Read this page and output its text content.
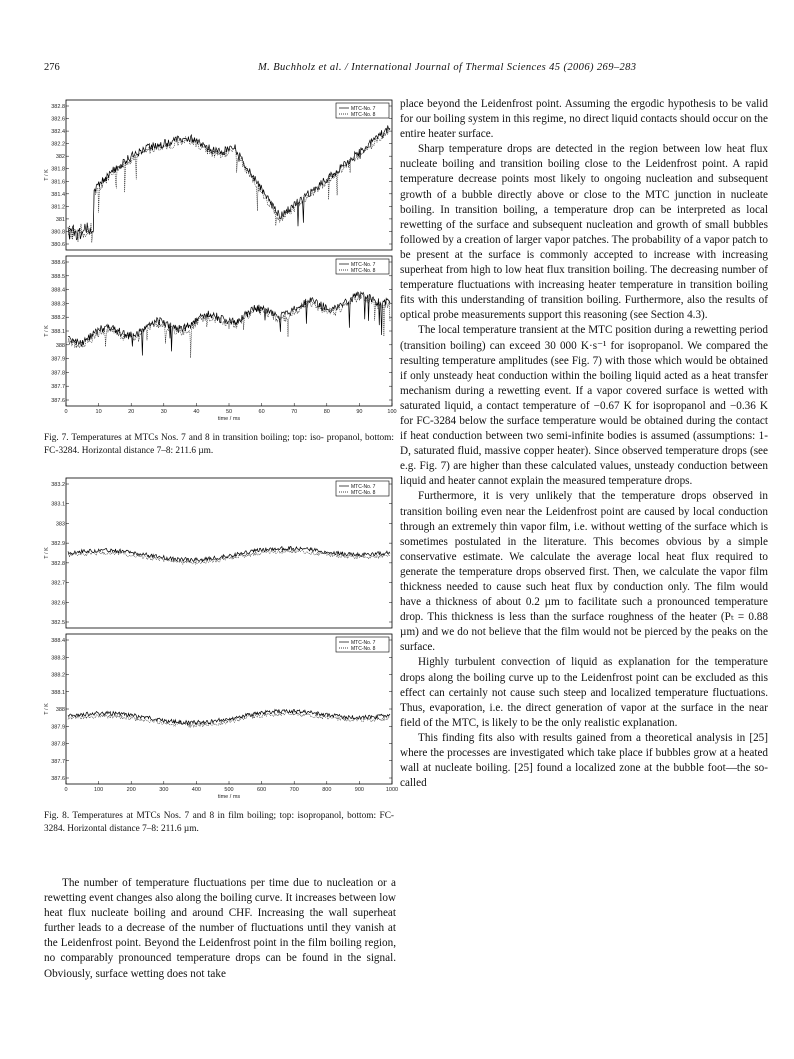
276	M. Buchholz et al. / International Journal of Thermal Sciences 45 (2006) 269–283
382.8
382.6
382.4
382.2
382
381.8
381.6
381.4
381.2
381
380.8
380.6
T / K
MTC-No. 7
MTC-No. 8
388.6
388.5
388.4
388.3
388.2
388.1
388
387.9
387.8
387.7
387.6
T / K
MTC-No. 7
MTC-No. 8
0	10	20	30	40	50	60	70	80	90	100
time / ms
Fig. 7. Temperatures at MTCs Nos. 7 and 8 in transition boiling; top: iso- propanol, bottom: FC-3284. Horizontal distance 7–8: 211.6 µm.
383.2
383.1
383
382.9
382.8
382.7
382.6
382.5
T / K
MTC-No. 7
MTC-No. 8
388.4
388.3
388.2
388.1
388
387.9
387.8
387.7
387.6
T / K
MTC-No. 7
MTC-No. 8
0	100	200	300	400	500	600	700	800	900	1000
time / ms
Fig. 8. Temperatures at MTCs Nos. 7 and 8 in film boiling; top: isopropanol, bottom: FC-3284. Horizontal distance 7–8: 211.6 µm.

The number of temperature fluctuations per time due to nucleation or a rewetting event changes also along the boiling curve. It increases between low heat flux nucleate boiling and around CHF. Increasing the wall superheat further leads to a decrease of the number of fluctuations until they vanish at the Leidenfrost point. Beyond the Leidenfrost point in the film boiling region, no comparably pronounced temperature drops can be found in the signal. Obviously, surface wetting does not take

place beyond the Leidenfrost point. Assuming the ergodic hypothesis to be valid for our boiling system in this regime, no direct liquid contacts should occur on the entire heater surface.

Sharp temperature drops are detected in the region between low heat flux nucleate boiling and transition boiling close to the Leidenfrost point. A rapid temperature decrease points most likely to ongoing nucleation and subsequent growth of a bubble directly above or close to the MTC junction in nucleate boiling. In transition boiling, a temperature drop can be interpreted as local rewetting of the surface and subsequent nucleation and growth of small bubbles followed by a creation of larger vapor patches. The probability of a vapor patch to be present at the surface is commonly accepted to increase with increasing superheat from high to low heat flux transition boiling. The decreasing number of temperature fluctuations with increasing heater temperature in transition boiling fits with this understanding of transition boiling. Furthermore, also the results of optical probe measurements support this reasoning (see Section 4.3).

The local temperature transient at the MTC position during a rewetting period (transition boiling) can exceed 30 000 K·s⁻¹ for isopropanol. We compared the resulting temperature amplitudes (see Fig. 7) with those which would be obtained if only unsteady heat conduction within the boiling liquid acted as a heat transfer mechanism during a rewetting event. If a vapor covered surface is wetted with saturated liquid, a contact temperature of −0.67 K for isopropanol and −0.36 K for FC-3284 below the surface temperature would be obtained during the contact if heat conduction between two semi-infinite bodies is assumed (assumptions: 1-D, saturated fluid, massive copper heater). Since observed temperature drops (see e.g. Fig. 7) are higher than these calculated values, unsteady conduction between liquid and heater cannot explain the measured temperature drops.

Furthermore, it is very unlikely that the temperature drops observed in transition boiling even near the Leidenfrost point are caused by local conduction through an extremely thin vapor film, i.e. without wetting of the surface which is sometimes postulated in the literature. This becomes obvious by a simple conservative estimate. We calculate the average local heat flux required to generate the temperature drops observed first. Then, we calculate the vapor film thickness needed to cause such heat flux by conduction only. The film would have a thickness of about 0.2 µm to facilitate such a pronounced temperature drop. This thickness is less than the surface roughness of the heater (Pₜ = 0.88 µm) and we do not believe that the film would not be pierced by the peaks on the surface.

Highly turbulent convection of liquid as explanation for the temperature drops along the boiling curve up to the Leidenfrost point can be excluded as this effect can certainly not cause such steep and localized temperature fluctuations. Thus, evaporation, i.e. the direct generation of vapor at the surface in the near field of the MTC, is likely to be the only realistic explanation.

This finding fits also with results gained from a theoretical analysis in [25] where the processes are investigated which take place if bubbles grow at a heated wall at nucleate boiling. [25] found a localized zone at the bubble foot—the so-called
